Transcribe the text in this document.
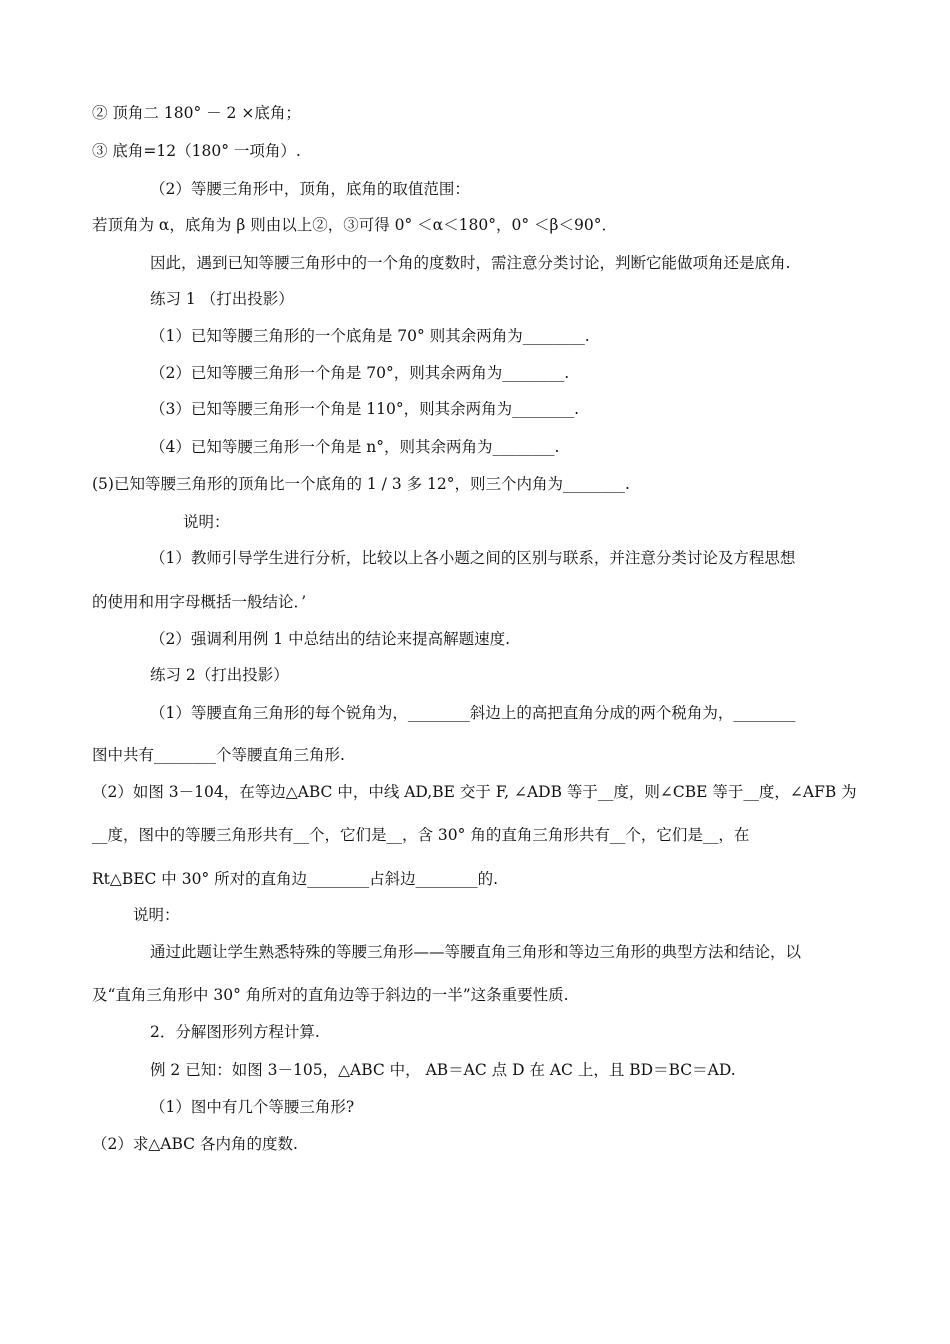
② 顶角二 180° － 2 ×底角；
③ 底角=12（180° 一项角）.
（2）等腰三角形中，顶角，底角的取值范围：
若顶角为 α，底角为 β 则由以上②，③可得 0° ＜α＜180°，0° ＜β＜90°．
因此，遇到已知等腰三角形中的一个角的度数时，需注意分类讨论，判断它能做项角还是底角.
练习 1 （打出投影）
（1）已知等腰三角形的一个底角是 70° 则其余两角为________.
（2）已知等腰三角形一个角是 70°，则其余两角为________.
（3）已知等腰三角形一个角是 110°，则其余两角为________.
（4）已知等腰三角形一个角是 n°，则其余两角为________.
(5)已知等腰三角形的顶角比一个底角的 1 / 3 多 12°，则三个内角为________.
说明：
（1）教师引导学生进行分析，比较以上各小题之间的区别与联系，并注意分类讨论及方程思想
的使用和用字母概括一般结论．’
（2）强调利用例 1 中总结出的结论来提高解题速度.
练习 2（打出投影）
（1）等腰直角三角形的每个锐角为，________斜边上的高把直角分成的两个税角为，________
图中共有________个等腰直角三角形.
（2）如图 3－104，在等边△ABC 中，中线 AD,BE 交于 F, ∠ADB 等于__度，则∠CBE 等于__度，∠AFB 为
__度，图中的等腰三角形共有__个，它们是__，含 30° 角的直角三角形共有__个，它们是__，在
Rt△BEC 中 30° 所对的直角边________占斜边________的.
说明：
通过此题让学生熟悉特殊的等腰三角形——等腰直角三角形和等边三角形的典型方法和结论，以
及“直角三角形中 30° 角所对的直角边等于斜边的一半”这条重要性质.
2．分解图形列方程计算.
例 2 已知：如图 3－105，△ABC 中， AB＝AC 点 D 在 AC 上，且 BD＝BC＝AD.
（1）图中有几个等腰三角形?
（2）求△ABC 各内角的度数.
